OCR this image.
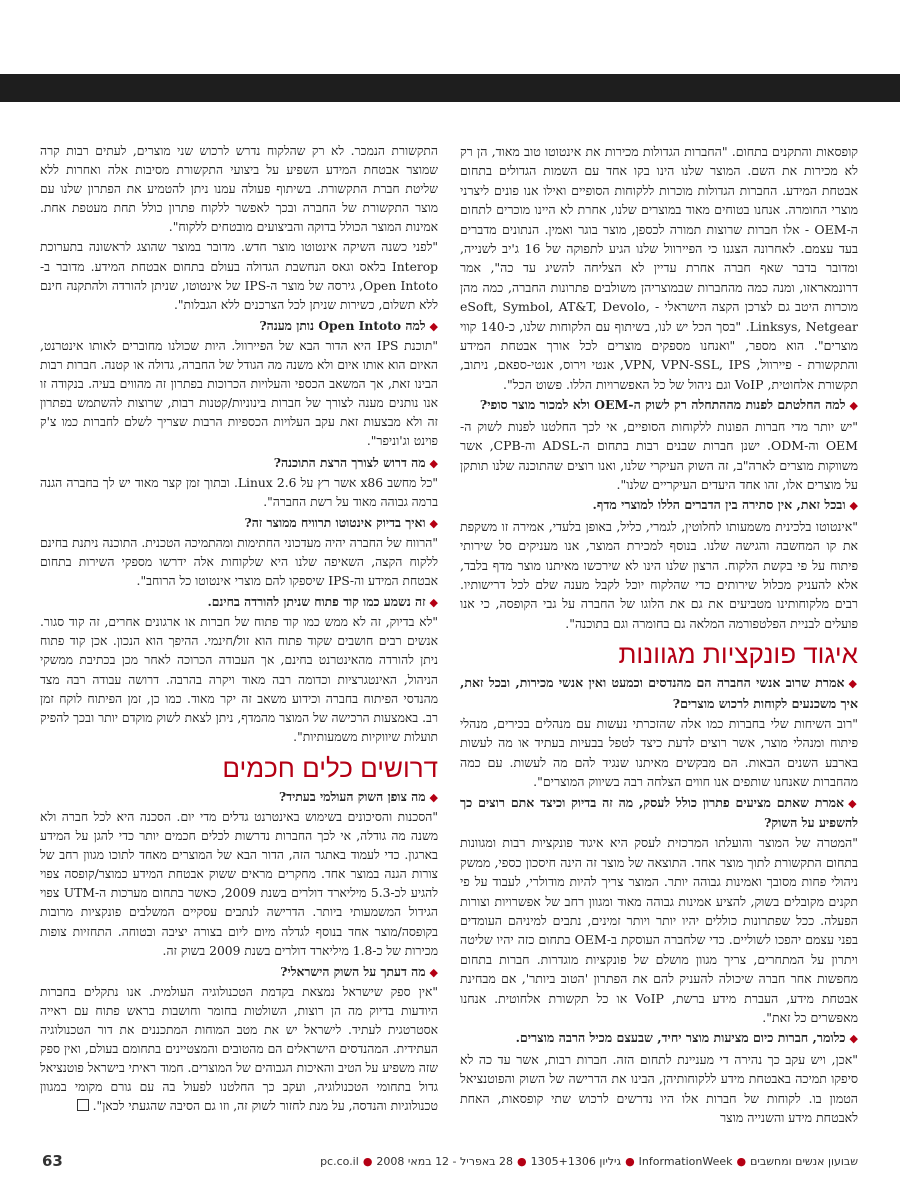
קופסאות והתקנים בתחום. "החברות הגדולות מכירות את אינטוטו טוב מאוד, הן רק לא מכירות את השם. המוצר שלנו הינו בקו אחד עם השמות הגדולים בתחום אבטחת המידע. החברות הגדולות מוכרות ללקוחות הסופיים ואילו אנו פונים ליצרני מוצרי החומרה. אנחנו בטוחים מאוד במוצרים שלנו, אחרת לא היינו מוכרים לתחום ה-OEM - אלו חברות שרוצות תמורה לכספן, מוצר בוגר ואמין. הנתונים מדברים בעד עצמם. לאחרונה הצגנו כי הפיירוול שלנו הגיע לתפוקה של 16 ג'יב לשנייה, ומדובר בדבר שאף חברה אחרת עדיין לא הצליחה להשיג עד כה", אמר דרונמאראזו, ומנה כמה מהחברות שבמוצריהן משולבים פתרונות החברה, כמה מהן מוכרות היטב גם לצרכן הקצה הישראלי - eSoft, Symbol, AT&T, Devolo, Linksys, Netgear. "בסך הכל יש לנו, בשיתוף עם הלקוחות שלנו, כ-140 קווי מוצרים". הוא מספר, "ואנחנו מספקים מוצרים לכל אורך אבטחת המידע והתקשורת - פיירוול, VPN, VPN-SSL, IPS, אנטי וירוס, אנטי-ספאם, ניתוב, תקשורת אלחוטית, VoIP וגם ניהול של כל האפשרויות הללו. פשוט הכל".

◆למה החלטתם לפנות מההתחלה רק לשוק ה-OEM ולא למכור מוצר סופי?

"יש יותר מדי חברות הפונות ללקוחות הסופיים, אי לכך החלטנו לפנות לשוק ה-OEM וה-ODM. ישנן חברות שבנים רבות בתחום ה-ADSL וה-CPB, אשר משווקות מוצרים לארה"ב, זה השוק העיקרי שלנו, ואנו רוצים שהתוכנה שלנו תותקן על מוצרים אלו, זהו אחד היעדים העיקריים שלנו".

◆ובכל זאת, אין סתירה בין הדברים הללו למוצרי מדף.

"אינטוטו בלכינית משמעותו לחלוטין, לגמרי, כליל, באופן בלעדי, אמירה זו משקפת את קו המחשבה והגישה שלנו. בנוסף למכירת המוצר, אנו מעניקים סל שירותי פיתוח על פי בקשת הלקוח. הרצון שלנו הינו לא שירכשו מאיתנו מוצר מדף בלבד, אלא להעניק מכלול שירותים כדי שהלקוח יוכל לקבל מענה שלם לכל דרישותיו. רבים מלקוחותינו מטביעים את גם את הלוגו של החברה על גבי הקופסה, כי אנו פועלים לבניית הפלטפורמה המלאה גם בחומרה וגם בתוכנה".

איגוד פונקציות מגוונות

◆אמרת שרוב אנשי החברה הם מהנדסים וכמעט ואין אנשי מכירות, ובכל זאת, איך משכנעים לקוחות לרכוש מוצרים?

"רוב השיחות שלי בחברות כמו אלה שהזכרתי נעשות עם מנהלים בכירים, מנהלי פיתוח ומנהלי מוצר, אשר רוצים לדעת כיצד לטפל בבעיות בעתיד או מה לעשות בארבע השנים הבאות. הם מבקשים מאיתנו שנגיד להם מה לעשות. עם כמה מהחברות שאנחנו שותפים אנו חווים הצלחה רבה בשיווק המוצרים".

◆אמרת שאתם מציעים פתרון כולל לעסק, מה זה בדיוק וכיצד אתם רוצים כך להשפיע על השוק?

"המטרה של המוצר והועלתו המרכזית לעסק היא איגוד פונקציות רבות ומגוונות בתחום התקשורת לתוך מוצר אחד. התוצאה של מוצר זה הינה חיסכון כספי, ממשק ניהולי פחות מסובך ואמינות גבוהה יותר. המוצר צריך להיות מודולרי, לעבוד על פי תקנים מקובלים בשוק, להציע אמינות גבוהה מאוד ומגוון רחב של אפשרויות וצורות הפעלה. ככל שפתרונות כוללים יהיו יותר ויותר זמינים, נתבים למיניהם העומדים בפני עצמם יהפכו לשוליים. כדי שלחברה העוסקת ב-OEM בתחום כזה יהיו שליטה ויתרון על המתחרים, צריך מגוון מושלם של פונקציות מוגדרות. חברות בתחום מחפשות אחר חברה שיכולה להעניק להם את הפתרון 'הטוב ביותר', אם מבחינת אבטחת מידע, העברת מידע ברשת, VoIP או כל תקשורת אלחוטית. אנחנו מאפשרים כל זאת".

◆כלומר, חברות כיום מציעות מוצר יחיד, שבעצם מכיל הרבה מוצרים.

"אכן, ויש עקב כך נהירה די מעניינת לתחום הזה. חברות רבות, אשר עד כה לא סיפקו תמיכה באבטחת מידע ללקוחותיהן, הבינו את הדרישה של השוק והפוטנציאל הטמון בו. לקוחות של חברות אלו היו נדרשים לרכוש שתי קופסאות, האחת לאבטחת מידע והשנייה מוצר

התקשורת הנמכר. לא רק שהלקוח נדרש לרכוש שני מוצרים, לעתים רבות קרה שמוצר אבטחת המידע השפיע על ביצועי התקשורת מסיבות אלה ואחרות ללא שליטת חברת התקשורת. בשיתוף פעולה עמנו ניתן להטמיע את הפתרון שלנו עם מוצר התקשורת של החברה ובכך לאפשר ללקוח פתרון כולל תחת מעטפת אחת. אמינות המוצר הכולל בדוקה והביצועים מובטחים ללקוח".

"לפני כשנה השיקה אינטוטו מוצר חדש. מדובר במוצר שהוצג לראשונה בתערוכת Interop בלאס וגאס הנחשבת הגדולה בעולם בתחום אבטחת המידע. מדובר ב-Open Intoto, גירסה של מוצר ה-IPS של אינטוטו, שניתן להורדה ולהתקנה חינם ללא תשלום, כשירות שניתן לכל הצרכנים ללא הגבלות".

◆למה Open Intoto נותן מענה?

"תוכנת IPS היא הדור הבא של הפיירוול. היות שכולנו מחוברים לאותו אינטרנט, האיום הוא אותו איום ולא משנה מה הגודל של החברה, גדולה או קטנה. חברות רבות הבינו זאת, אך המשאב הכספי והעלויות הכרוכות בפתרון זה מהווים בעיה. בנקודה זו אנו נותנים מענה לצורך של חברות בינוניות/קטנות רבות, שרוצות להשתמש בפתרון זה ולא מבצעות זאת עקב העלויות הכספיות הרבות שצריך לשלם לחברות כמו צ'ק פוינט וג'וניפר".

◆מה דרוש לצורך הרצת התוכנה?

"כל מחשב x86 אשר רץ על Linux 2.6. ובתוך זמן קצר מאוד יש לך בחברה הגנה ברמה גבוהה מאוד על רשת החברה".

◆ואיך בדיוק אינטוטו תרוויח ממוצר זה?

"הרווח של החברה יהיה מעדכוני החתימות ומהתמיכה הטכנית. התוכנה ניתנת בחינם ללקוח הקצה, השאיפה שלנו היא שלקוחות אלה ידרשו מספקי השירות בתחום אבטחת המידע וה-IPS שיספקו להם מוצרי אינטוטו כל הרוחב".

◆זה נשמע כמו קוד פתוח שניתן להורדה בחינם.

"לא בדיוק, זה לא ממש כמו קוד פתוח של חברות או ארגונים אחרים, זה קוד סגור. אנשים רבים חושבים שקוד פתוח הוא זול/חינמי. ההיפך הוא הנכון. אכן קוד פתוח ניתן להורדה מהאינטרנט בחינם, אך העבודה הכרוכה לאחר מכן בכתיבת ממשקי הניהול, האינטגרציות וכדומה רבה מאוד ויקרה בהרבה. דרושה עבודה רבה מצד מהנדסי הפיתוח בחברה וכידוע משאב זה יקר מאוד. כמו כן, זמן הפיתוח לוקח זמן רב. באמצעות הרכישה של המוצר מהמדף, ניתן לצאת לשוק מוקדם יותר ובכך להפיק תועלות שיווקיות משמעותיות".

דרושים כלים חכמים

◆מה צופן השוק העולמי בעתיד?

"הסכנות והסיכונים בשימוש באינטרנט גדלים מדי יום. הסכנה היא לכל חברה ולא משנה מה גודלה, אי לכך החברות נדרשות לכלים חכמים יותר כדי להגן על המידע בארגון. כדי לעמוד באתגר הזה, הדור הבא של המוצרים מאחד לתוכו מגוון רחב של צורות הגנה במוצר אחד. מחקרים מראים ששוק אבטחת המידע כמוצר/קופסה צפוי להגיע לכ-5.3 מיליארד דולרים בשנת 2009, כאשר בתחום מערכות ה-UTM צפוי הגידול המשמעותי ביותר. הדרישה לנתבים עסקיים המשלבים פונקציות מרובות בקופסה/מוצר אחד בנוסף לגדלה מיום ליום בצורה יציבה ובטוחה. התחזיות צופות מכירות של כ-1.8 מיליארד דולרים בשנת 2009 בשוק זה.

◆מה דעתך על השוק הישראלי?

"אין ספק שישראל נמצאת בקדמת הטכנולוגיה העולמית. אנו נתקלים בחברות היודעות בדיוק מה הן רוצות, השולטות בחומר וחושבות בראש פתוח עם ראייה אסטרטגית לעתיד. לישראל יש את מטב המוחות המתכננים את דור הטכנולוגיה העתידית. המהנדסים הישראלים הם מהטובים והמצטיינים בתחומם בעולם, ואין ספק שזה משפיע על הטיב והאיכות הגבוהים של המוצרים. חמוד ראיתי בישראל פוטנציאל גדול בתחומי הטכנולוגיה, ועקב כך החלטנו לפעול בה עם גורם מקומי במגוון טכנולוגיות והנדסה, על מנת לחזור לשוק זה, וזו גם הסיבה שהגעתי לכאן".

שבועון אנשים ומחשבים
●
InformationWeek
●
גיליון 1305+1306
●
28 באפריל - 12 במאי 2008
●
pc.co.il
63
